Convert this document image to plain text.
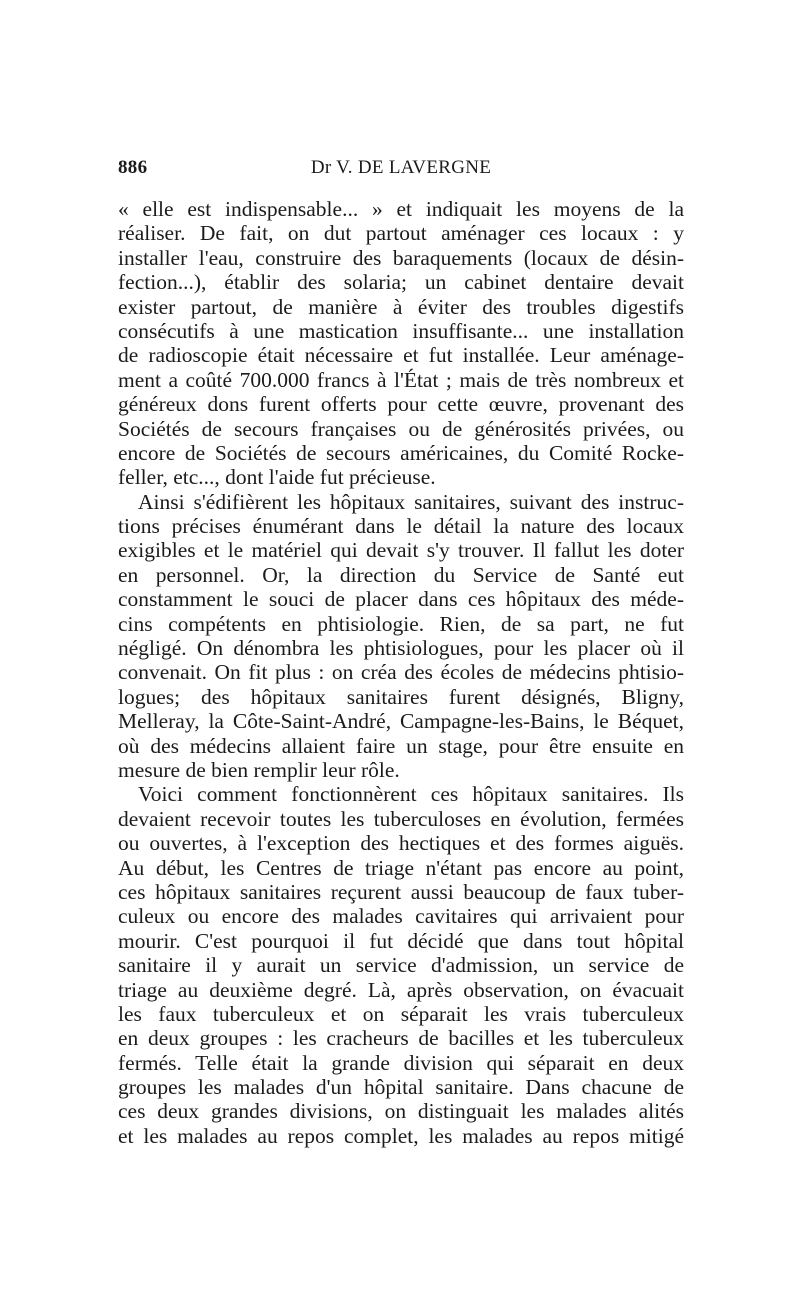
886	Dr V. DE LAVERGNE
« elle est indispensable... » et indiquait les moyens de la
réaliser. De fait, on dut partout aménager ces locaux : y
installer l'eau, construire des baraquements (locaux de désin-
fection...), établir des solaria; un cabinet dentaire devait
exister partout, de manière à éviter des troubles digestifs
consécutifs à une mastication insuffisante... une installation
de radioscopie était nécessaire et fut installée. Leur aménage-
ment a coûté 700.000 francs à l'État ; mais de très nombreux et
généreux dons furent offerts pour cette œuvre, provenant des
Sociétés de secours françaises ou de générosités privées, ou
encore de Sociétés de secours américaines, du Comité Rocke-
feller, etc..., dont l'aide fut précieuse.
Ainsi s'édifièrent les hôpitaux sanitaires, suivant des instruc-
tions précises énumérant dans le détail la nature des locaux
exigibles et le matériel qui devait s'y trouver. Il fallut les doter
en personnel. Or, la direction du Service de Santé eut
constamment le souci de placer dans ces hôpitaux des méde-
cins compétents en phtisiologie. Rien, de sa part, ne fut
négligé. On dénombra les phtisiologues, pour les placer où il
convenait. On fit plus : on créa des écoles de médecins phtisio-
logues; des hôpitaux sanitaires furent désignés, Bligny,
Melleray, la Côte-Saint-André, Campagne-les-Bains, le Béquet,
où des médecins allaient faire un stage, pour être ensuite en
mesure de bien remplir leur rôle.
Voici comment fonctionnèrent ces hôpitaux sanitaires. Ils
devaient recevoir toutes les tuberculoses en évolution, fermées
ou ouvertes, à l'exception des hectiques et des formes aiguës.
Au début, les Centres de triage n'étant pas encore au point,
ces hôpitaux sanitaires reçurent aussi beaucoup de faux tuber-
culeux ou encore des malades cavitaires qui arrivaient pour
mourir. C'est pourquoi il fut décidé que dans tout hôpital
sanitaire il y aurait un service d'admission, un service de
triage au deuxième degré. Là, après observation, on évacuait
les faux tuberculeux et on séparait les vrais tuberculeux
en deux groupes : les cracheurs de bacilles et les tuberculeux
fermés. Telle était la grande division qui séparait en deux
groupes les malades d'un hôpital sanitaire. Dans chacune de
ces deux grandes divisions, on distinguait les malades alités
et les malades au repos complet, les malades au repos mitigé
